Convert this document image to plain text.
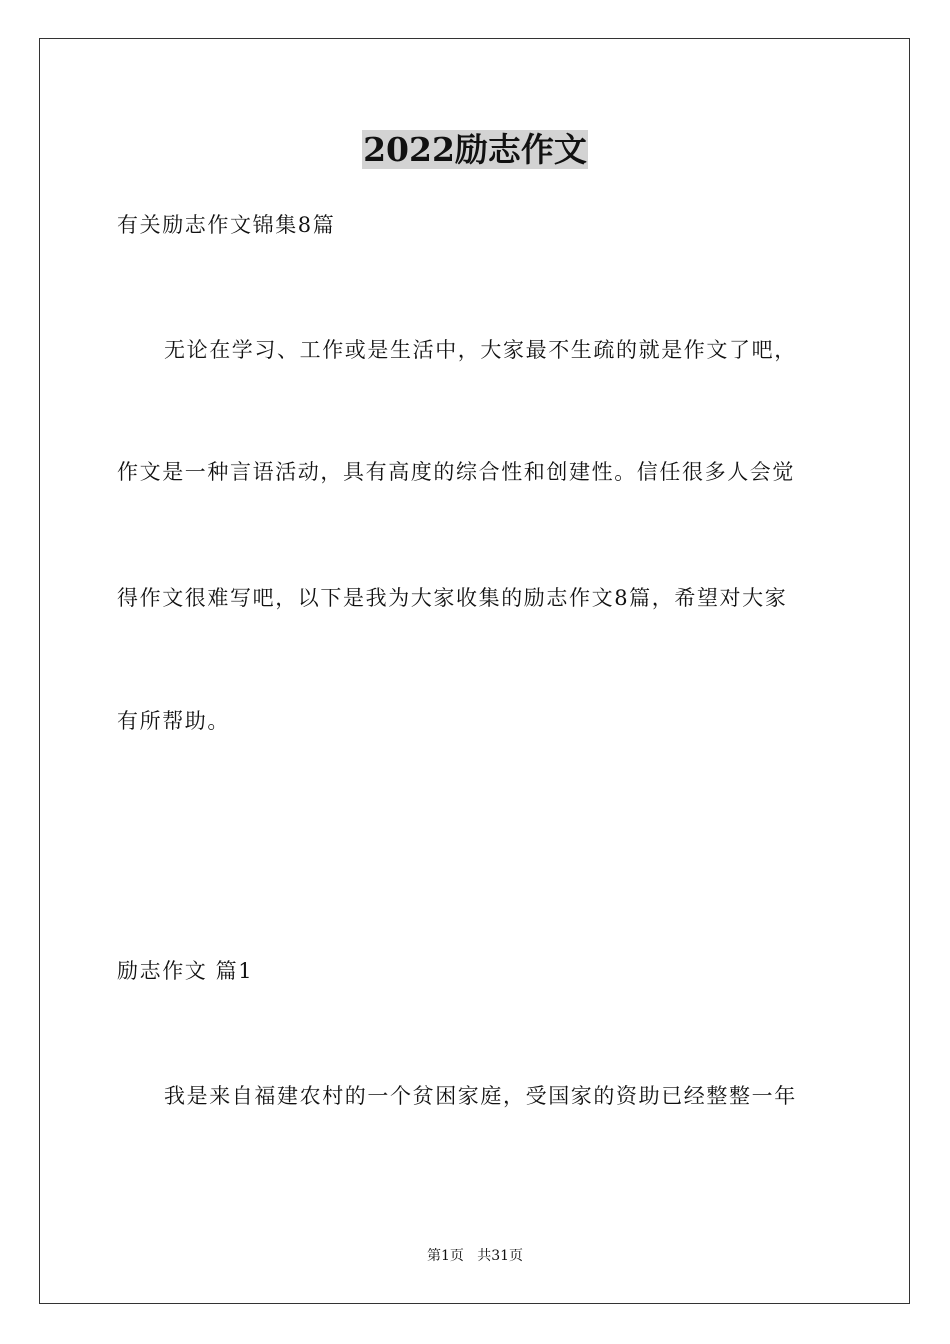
2022励志作文
有关励志作文锦集8篇
无论在学习、工作或是生活中，大家最不生疏的就是作文了吧，
作文是一种言语活动，具有高度的综合性和创建性。信任很多人会觉
得作文很难写吧，以下是我为大家收集的励志作文8篇，希望对大家
有所帮助。
励志作文 篇1
我是来自福建农村的一个贫困家庭，受国家的资助已经整整一年
第1页   共31页
